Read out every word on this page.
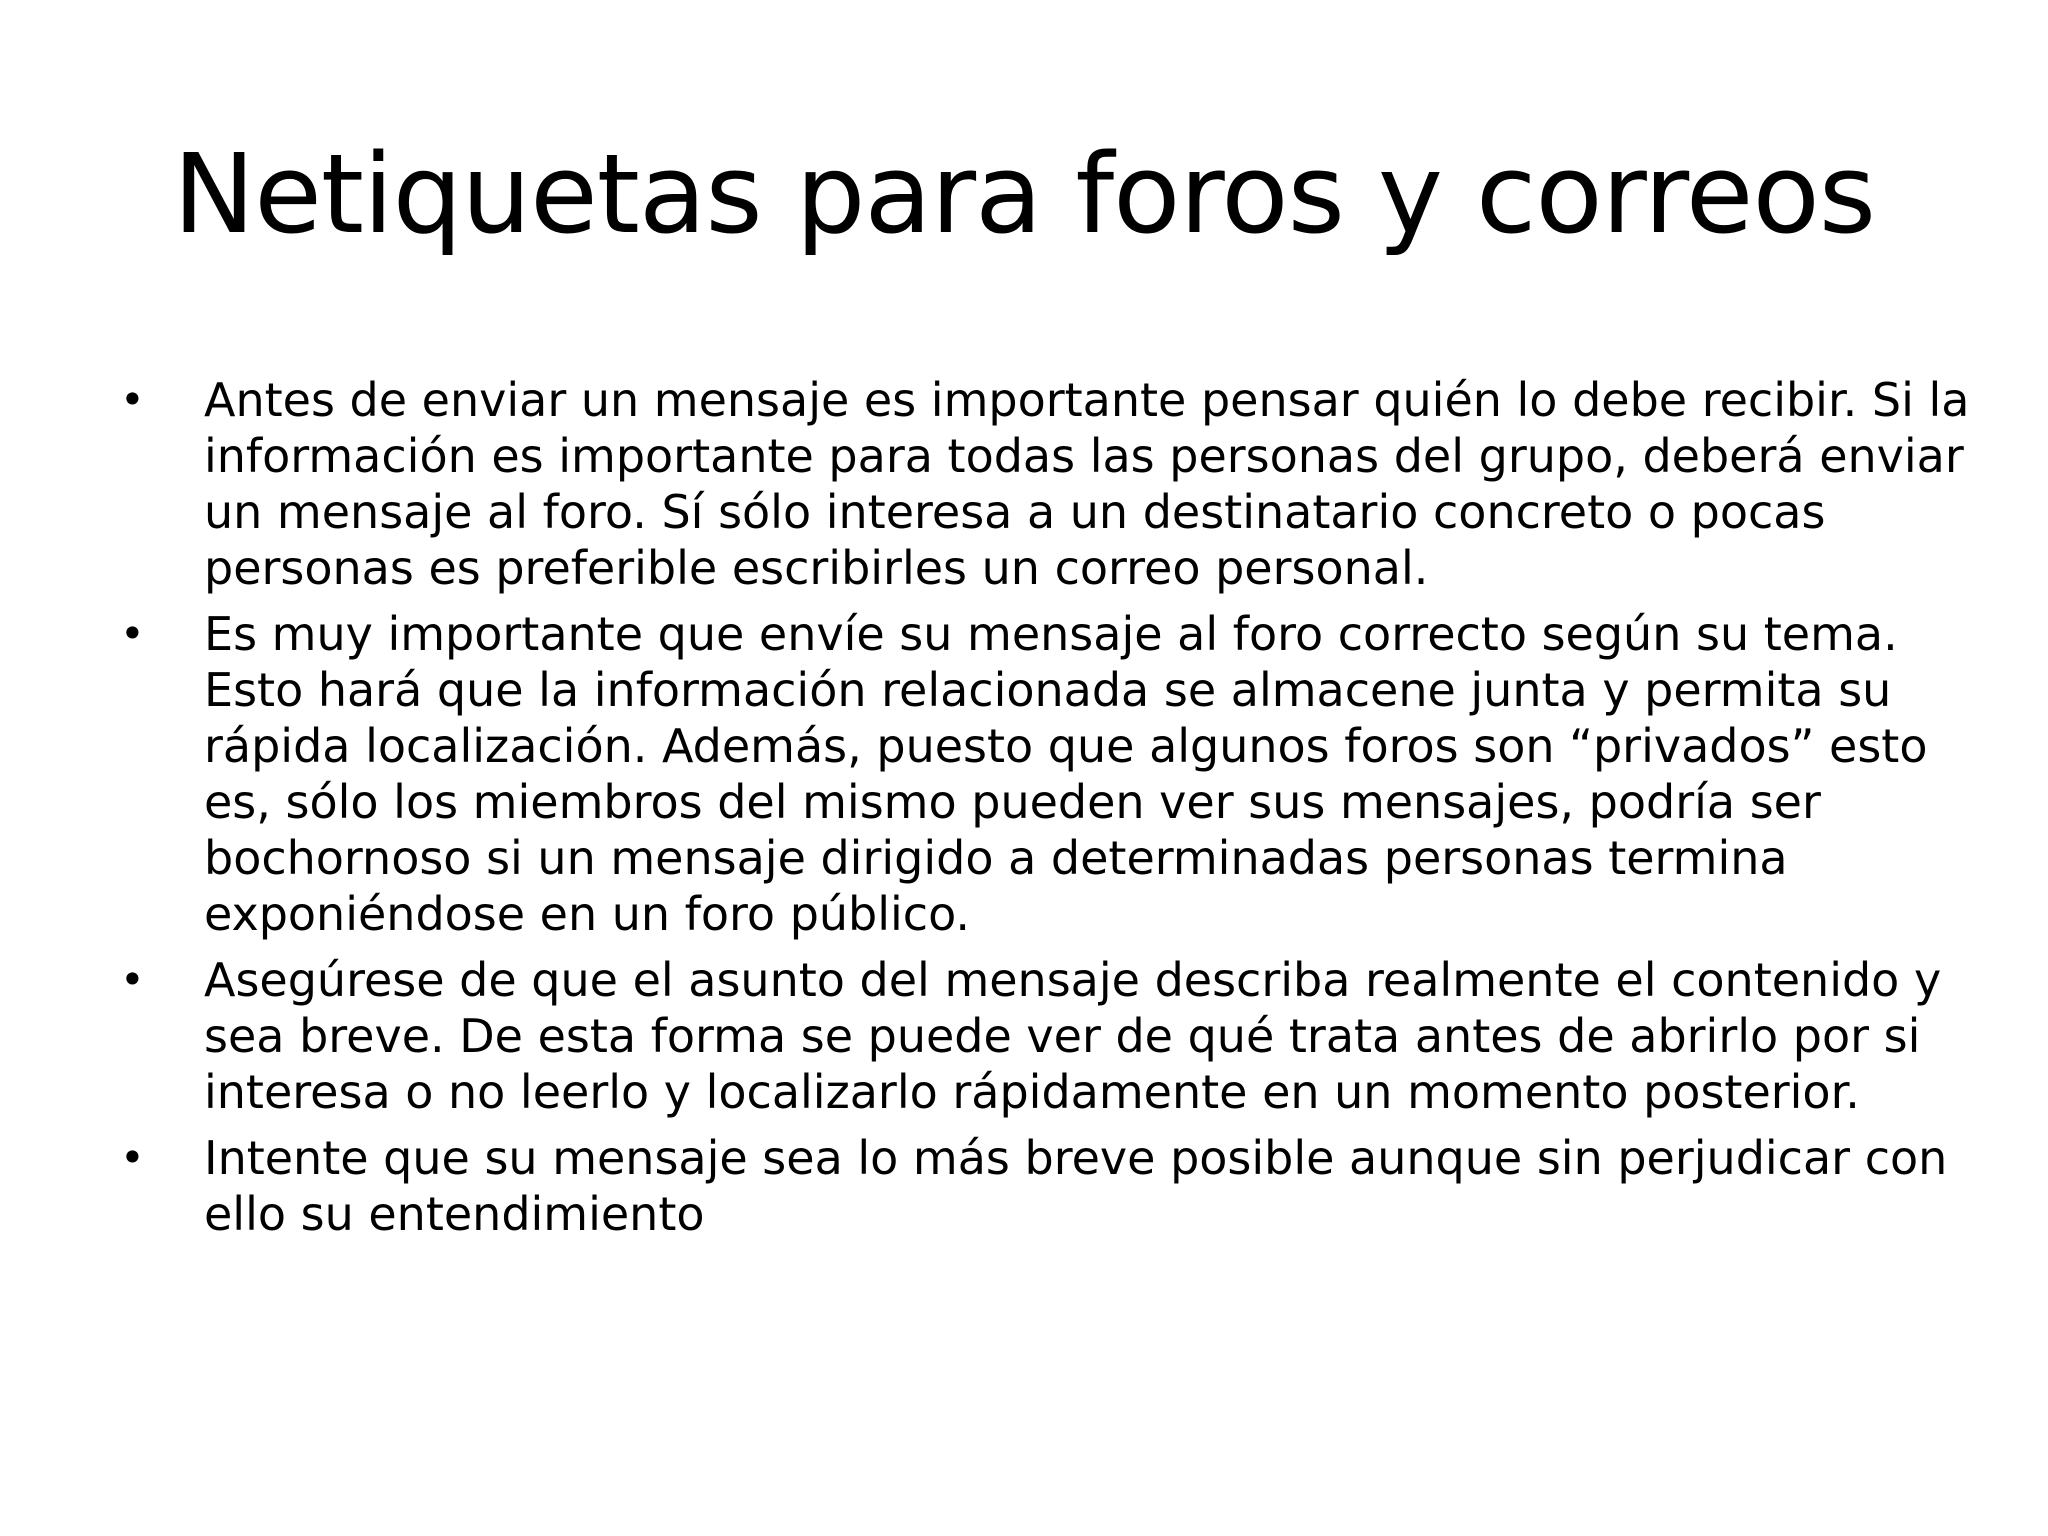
Netiquetas para foros y correos
•	Antes de enviar un mensaje es importante pensar quién lo debe recibir. Si la información es importante para todas las personas del grupo, deberá enviar un mensaje al foro. Sí sólo interesa a un destinatario concreto o pocas personas es preferible escribirles un correo personal.
•	Es muy importante que envíe su mensaje al foro correcto según su tema. Esto hará que la información relacionada se almacene junta y permita su rápida localización. Además, puesto que algunos foros son “privados” esto es, sólo los miembros del mismo pueden ver sus mensajes, podría ser bochornoso si un mensaje dirigido a determinadas personas termina exponiéndose en un foro público.
•	Asegúrese de que el asunto del mensaje describa realmente el contenido y sea breve. De esta forma se puede ver de qué trata antes de abrirlo por si interesa o no leerlo y localizarlo rápidamente en un momento posterior.
•	Intente que su mensaje sea lo más breve posible aunque sin perjudicar con ello su entendimiento
